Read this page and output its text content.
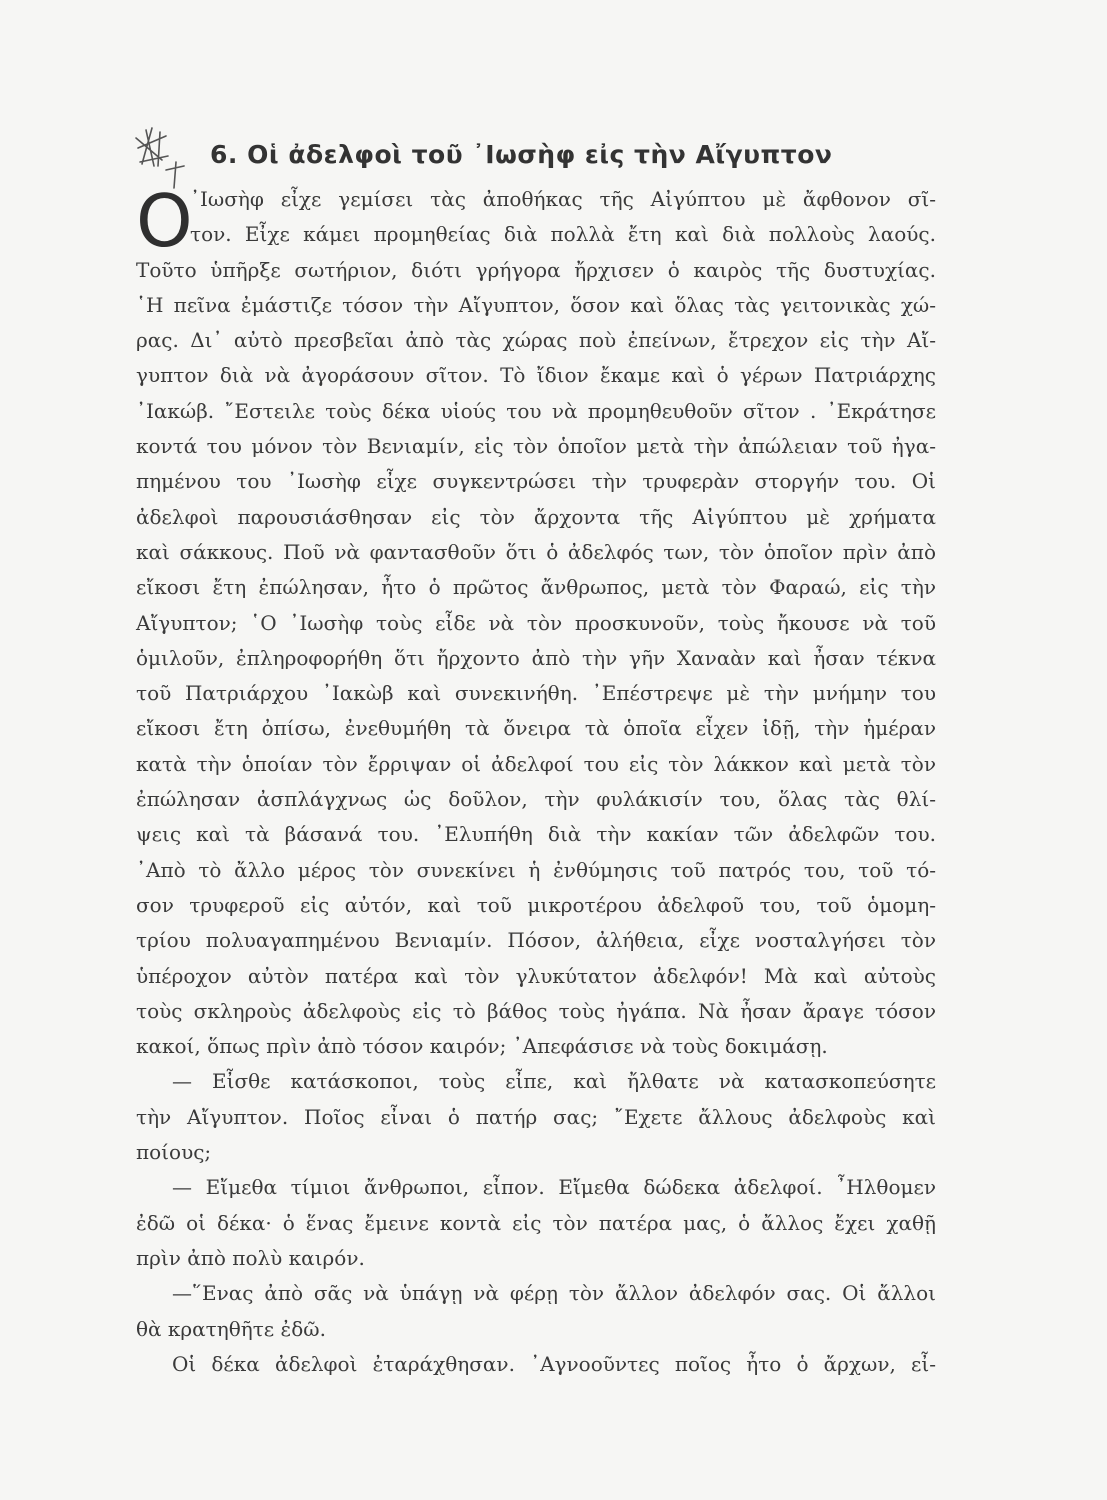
6. Οἱ ἀδελφοὶ τοῦ ᾿Ιωσὴφ εἰς τὴν Αἴγυπτον
Ο
᾿Ιωσὴφ εἶχε γεμίσει τὰς ἀποθήκας τῆς Αἰγύπτου μὲ ἄφθονον σῖ-
τον. Εἶχε κάμει προμηθείας διὰ πολλὰ ἔτη καὶ διὰ πολλοὺς λαούς.
Τοῦτο ὑπῆρξε σωτήριον, διότι γρήγορα ἤρχισεν ὁ καιρὸς τῆς δυστυχίας.
῾Η πεῖνα ἐμάστιζε τόσον τὴν Αἴγυπτον, ὅσον καὶ ὅλας τὰς γειτονικὰς χώ-
ρας. Δι᾿ αὐτὸ πρεσβεῖαι ἀπὸ τὰς χώρας ποὺ ἐπείνων, ἔτρεχον εἰς τὴν Αἴ-
γυπτον διὰ νὰ ἀγοράσουν σῖτον. Τὸ ἴδιον ἔκαμε καὶ ὁ γέρων Πατριάρχης
᾿Ιακώβ. ῎Εστειλε τοὺς δέκα υἱούς του νὰ προμηθευθοῦν σῖτον . ᾿Εκράτησε
κοντά του μόνον τὸν Βενιαμίν, εἰς τὸν ὁποῖον μετὰ τὴν ἀπώλειαν τοῦ ἠγα-
πημένου του ᾿Ιωσὴφ εἶχε συγκεντρώσει τὴν τρυφερὰν στοργήν του. Οἱ
ἀδελφοὶ παρουσιάσθησαν εἰς τὸν ἄρχοντα τῆς Αἰγύπτου μὲ χρήματα
καὶ σάκκους. Ποῦ νὰ φαντασθοῦν ὅτι ὁ ἀδελφός των, τὸν ὁποῖον πρὶν ἀπὸ
εἴκοσι ἔτη ἐπώλησαν, ἦτο ὁ πρῶτος ἄνθρωπος, μετὰ τὸν Φαραώ, εἰς τὴν
Αἴγυπτον; ῾Ο ᾿Ιωσὴφ τοὺς εἶδε νὰ τὸν προσκυνοῦν, τοὺς ἤκουσε νὰ τοῦ
ὁμιλοῦν, ἐπληροφορήθη ὅτι ἤρχοντο ἀπὸ τὴν γῆν Χαναὰν καὶ ἦσαν τέκνα
τοῦ Πατριάρχου ᾿Ιακὼβ καὶ συνεκινήθη. ᾿Επέστρεψε μὲ τὴν μνήμην του
εἴκοσι ἔτη ὀπίσω, ἐνεθυμήθη τὰ ὄνειρα τὰ ὁποῖα εἶχεν ἰδῇ, τὴν ἡμέραν
κατὰ τὴν ὁποίαν τὸν ἔρριψαν οἱ ἀδελφοί του εἰς τὸν λάκκον καὶ μετὰ τὸν
ἐπώλησαν ἀσπλάγχνως ὡς δοῦλον, τὴν φυλάκισίν του, ὅλας τὰς θλί-
ψεις καὶ τὰ βάσανά του. ᾿Ελυπήθη διὰ τὴν κακίαν τῶν ἀδελφῶν του.
᾿Απὸ τὸ ἄλλο μέρος τὸν συνεκίνει ἡ ἐνθύμησις τοῦ πατρός του, τοῦ τό-
σον τρυφεροῦ εἰς αὐτόν, καὶ τοῦ μικροτέρου ἀδελφοῦ του, τοῦ ὁμομη-
τρίου πολυαγαπημένου Βενιαμίν. Πόσον, ἀλήθεια, εἶχε νοσταλγήσει τὸν
ὑπέροχον αὐτὸν πατέρα καὶ τὸν γλυκύτατον ἀδελφόν! Μὰ καὶ αὐτοὺς
τοὺς σκληροὺς ἀδελφοὺς εἰς τὸ βάθος τοὺς ἠγάπα. Νὰ ἦσαν ἄραγε τόσον
κακοί, ὅπως πρὶν ἀπὸ τόσον καιρόν; ᾿Απεφάσισε νὰ τοὺς δοκιμάσῃ.
— Εἶσθε κατάσκοποι, τοὺς εἶπε, καὶ ἤλθατε νὰ κατασκοπεύσητε
τὴν Αἴγυπτον. Ποῖος εἶναι ὁ πατήρ σας; ῎Εχετε ἄλλους ἀδελφοὺς καὶ
ποίους;
— Εἴμεθα τίμιοι ἄνθρωποι, εἶπον. Εἴμεθα δώδεκα ἀδελφοί. ῏Ηλθομεν
ἐδῶ οἱ δέκα· ὁ ἕνας ἔμεινε κοντὰ εἰς τὸν πατέρα μας, ὁ ἄλλος ἔχει χαθῇ
πρὶν ἀπὸ πολὺ καιρόν.
—῞Ενας ἀπὸ σᾶς νὰ ὑπάγῃ νὰ φέρῃ τὸν ἄλλον ἀδελφόν σας. Οἱ ἄλλοι
θὰ κρατηθῆτε ἐδῶ.
Οἱ δέκα ἀδελφοὶ ἐταράχθησαν. ᾿Αγνοοῦντες ποῖος ἦτο ὁ ἄρχων, εἶ-
